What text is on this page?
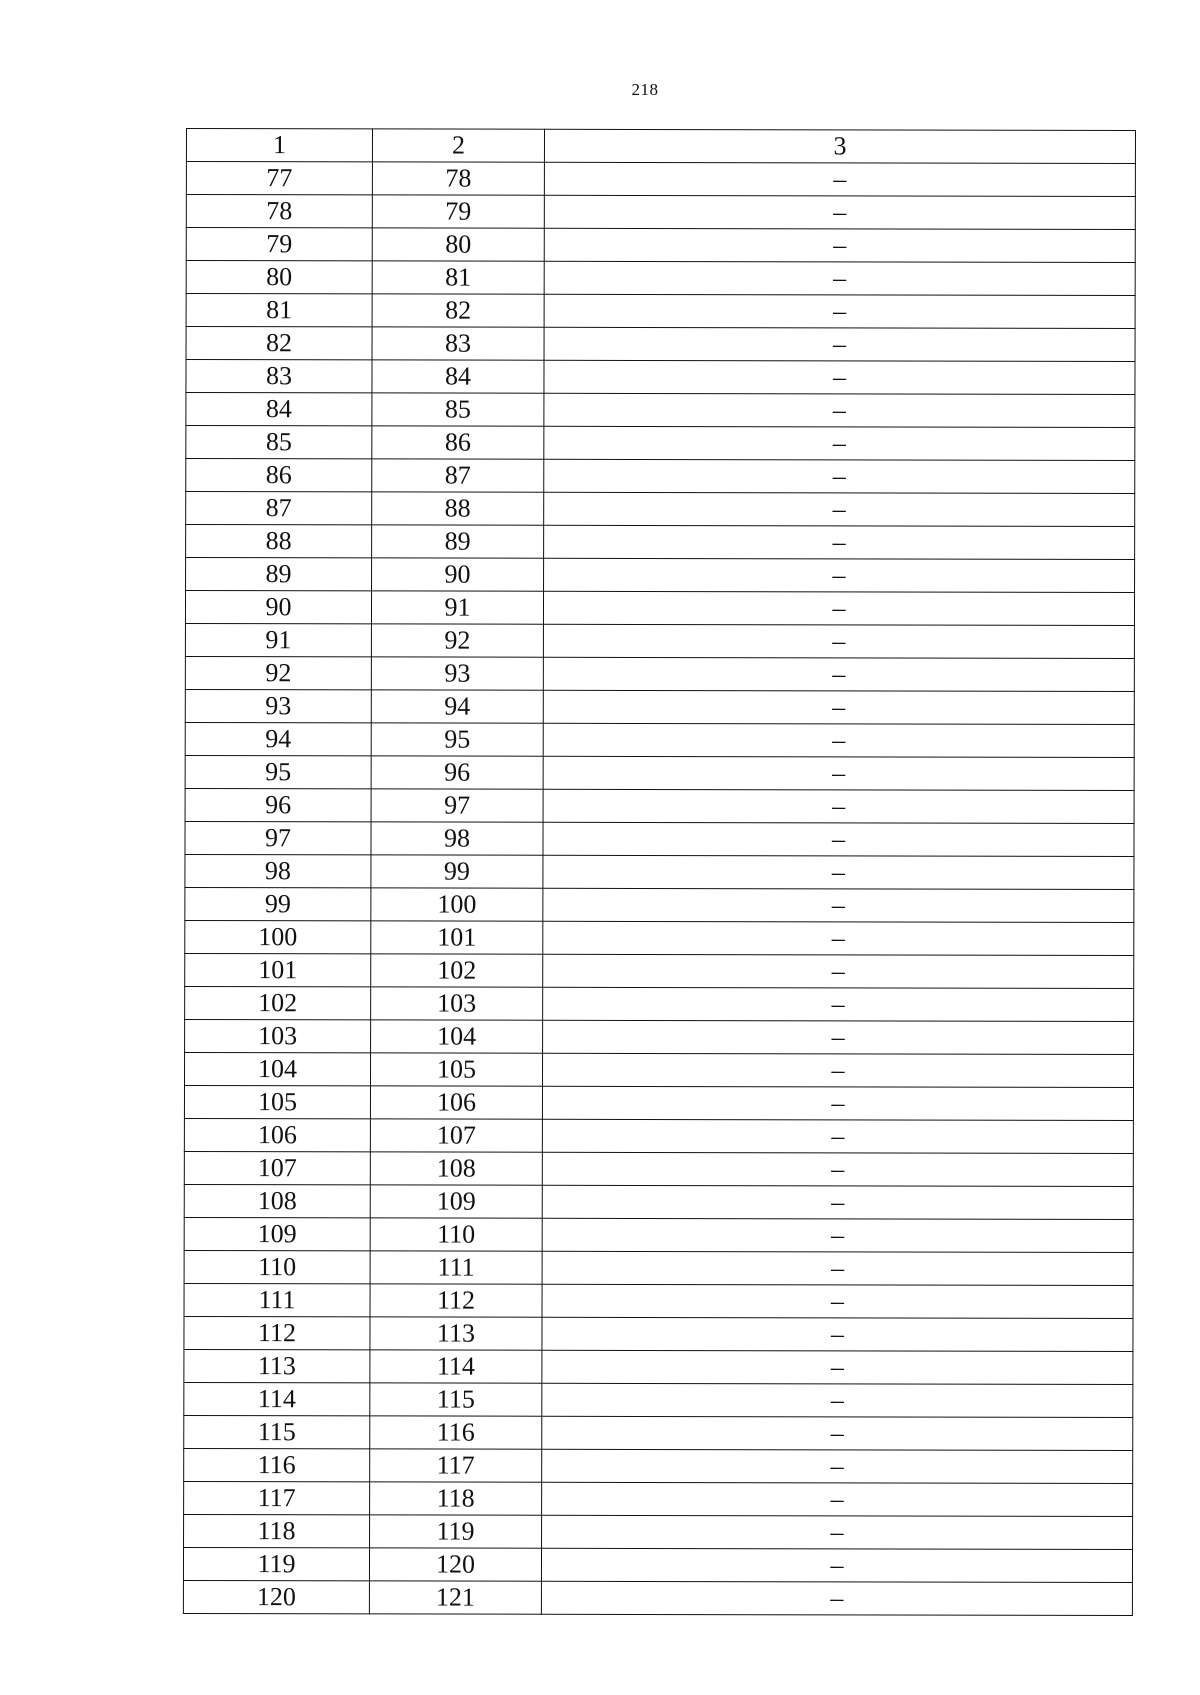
218
1	2	3
77	78	–
78	79	–
79	80	–
80	81	–
81	82	–
82	83	–
83	84	–
84	85	–
85	86	–
86	87	–
87	88	–
88	89	–
89	90	–
90	91	–
91	92	–
92	93	–
93	94	–
94	95	–
95	96	–
96	97	–
97	98	–
98	99	–
99	100	–
100	101	–
101	102	–
102	103	–
103	104	–
104	105	–
105	106	–
106	107	–
107	108	–
108	109	–
109	110	–
110	111	–
111	112	–
112	113	–
113	114	–
114	115	–
115	116	–
116	117	–
117	118	–
118	119	–
119	120	–
120	121	–
